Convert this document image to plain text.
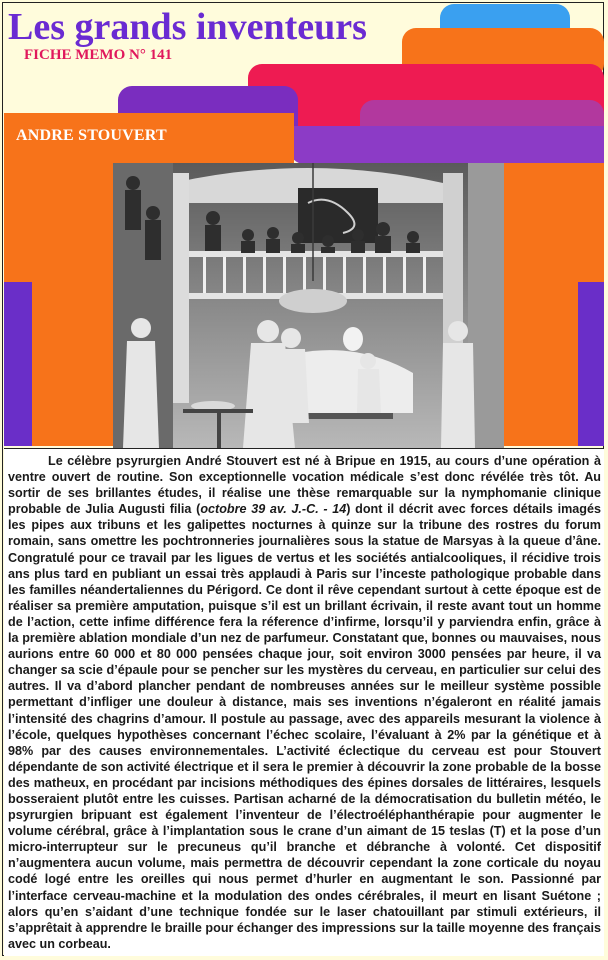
Les grands inventeurs
FICHE MEMO N° 141
ANDRE STOUVERT

Le célèbre psyrurgien André Stouvert est né à Bripue en 1915, au cours d’une opération à ventre ouvert de routine. Son exceptionnelle vocation médicale s’est donc révélée très tôt. Au sortir de ses brillantes études, il réalise une thèse remarquable sur la nymphomanie clinique probable de Julia Augusti filia (octobre 39 av. J.-C. - 14) dont il décrit avec forces détails imagés les pipes aux tribuns et les galipettes nocturnes à quinze sur la tribune des rostres du forum romain, sans omettre les pochtronneries journalières sous la statue de Marsyas à la queue d’âne. Congratulé pour ce travail par les ligues de vertus et les sociétés antialcooliques, il récidive trois ans plus tard en publiant un essai très applaudi à Paris sur l’inceste pathologique probable dans les familles néandertaliennes du Périgord. Ce dont il rêve cependant surtout à cette époque est de réaliser sa première amputation, puisque s’il est un brillant écrivain, il reste avant tout un homme de l’action, cette infime différence fera la réference d’infirme, lorsqu’il y parviendra enfin, grâce à la première ablation mondiale d’un nez de parfumeur. Constatant que, bonnes ou mauvaises, nous aurions entre 60 000 et 80 000 pensées chaque jour, soit environ 3000 pensées par heure, il va changer sa scie d’épaule pour se pencher sur les mystères du cerveau, en particulier sur celui des autres. Il va d’abord plancher pendant de nombreuses années sur le meilleur système possible permettant d’infliger une douleur à distance, mais ses inventions n’égaleront en réalité jamais l’intensité des chagrins d’amour. Il postule au passage, avec des appareils mesurant la violence à l’école, quelques hypothèses concernant l’échec scolaire, l’évaluant à 2% par la génétique et à 98% par des causes environnementales. L’activité éclectique du cerveau est pour Stouvert dépendante de son activité électrique et il sera le premier à découvrir la zone probable de la bosse des matheux, en procédant par incisions méthodiques des épines dorsales de littéraires, lesquels bosseraient plutôt entre les cuisses. Partisan acharné de la démocratisation du bulletin météo, le psyrurgien bripuant est également l’inventeur de l’électroéléphanthérapie pour augmenter le volume cérébral, grâce à l’implantation sous le crane d’un aimant de 15 teslas (T) et la pose d’un micro-interrupteur sur le precuneus qu’il branche et débranche à volonté. Cet dispositif n’augmentera aucun volume, mais permettra de découvrir cependant la zone corticale du noyau codé logé entre les oreilles qui nous permet d’hurler en augmentant le son. Passionné par l’interface cerveau-machine et la modulation des ondes cérébrales, il meurt en lisant Suétone ; alors qu’en s’aidant d’une technique fondée sur le laser chatouillant par stimuli extérieurs, il s’apprêtait à apprendre le braille pour échanger des impressions sur la taille moyenne des français avec un corbeau.
